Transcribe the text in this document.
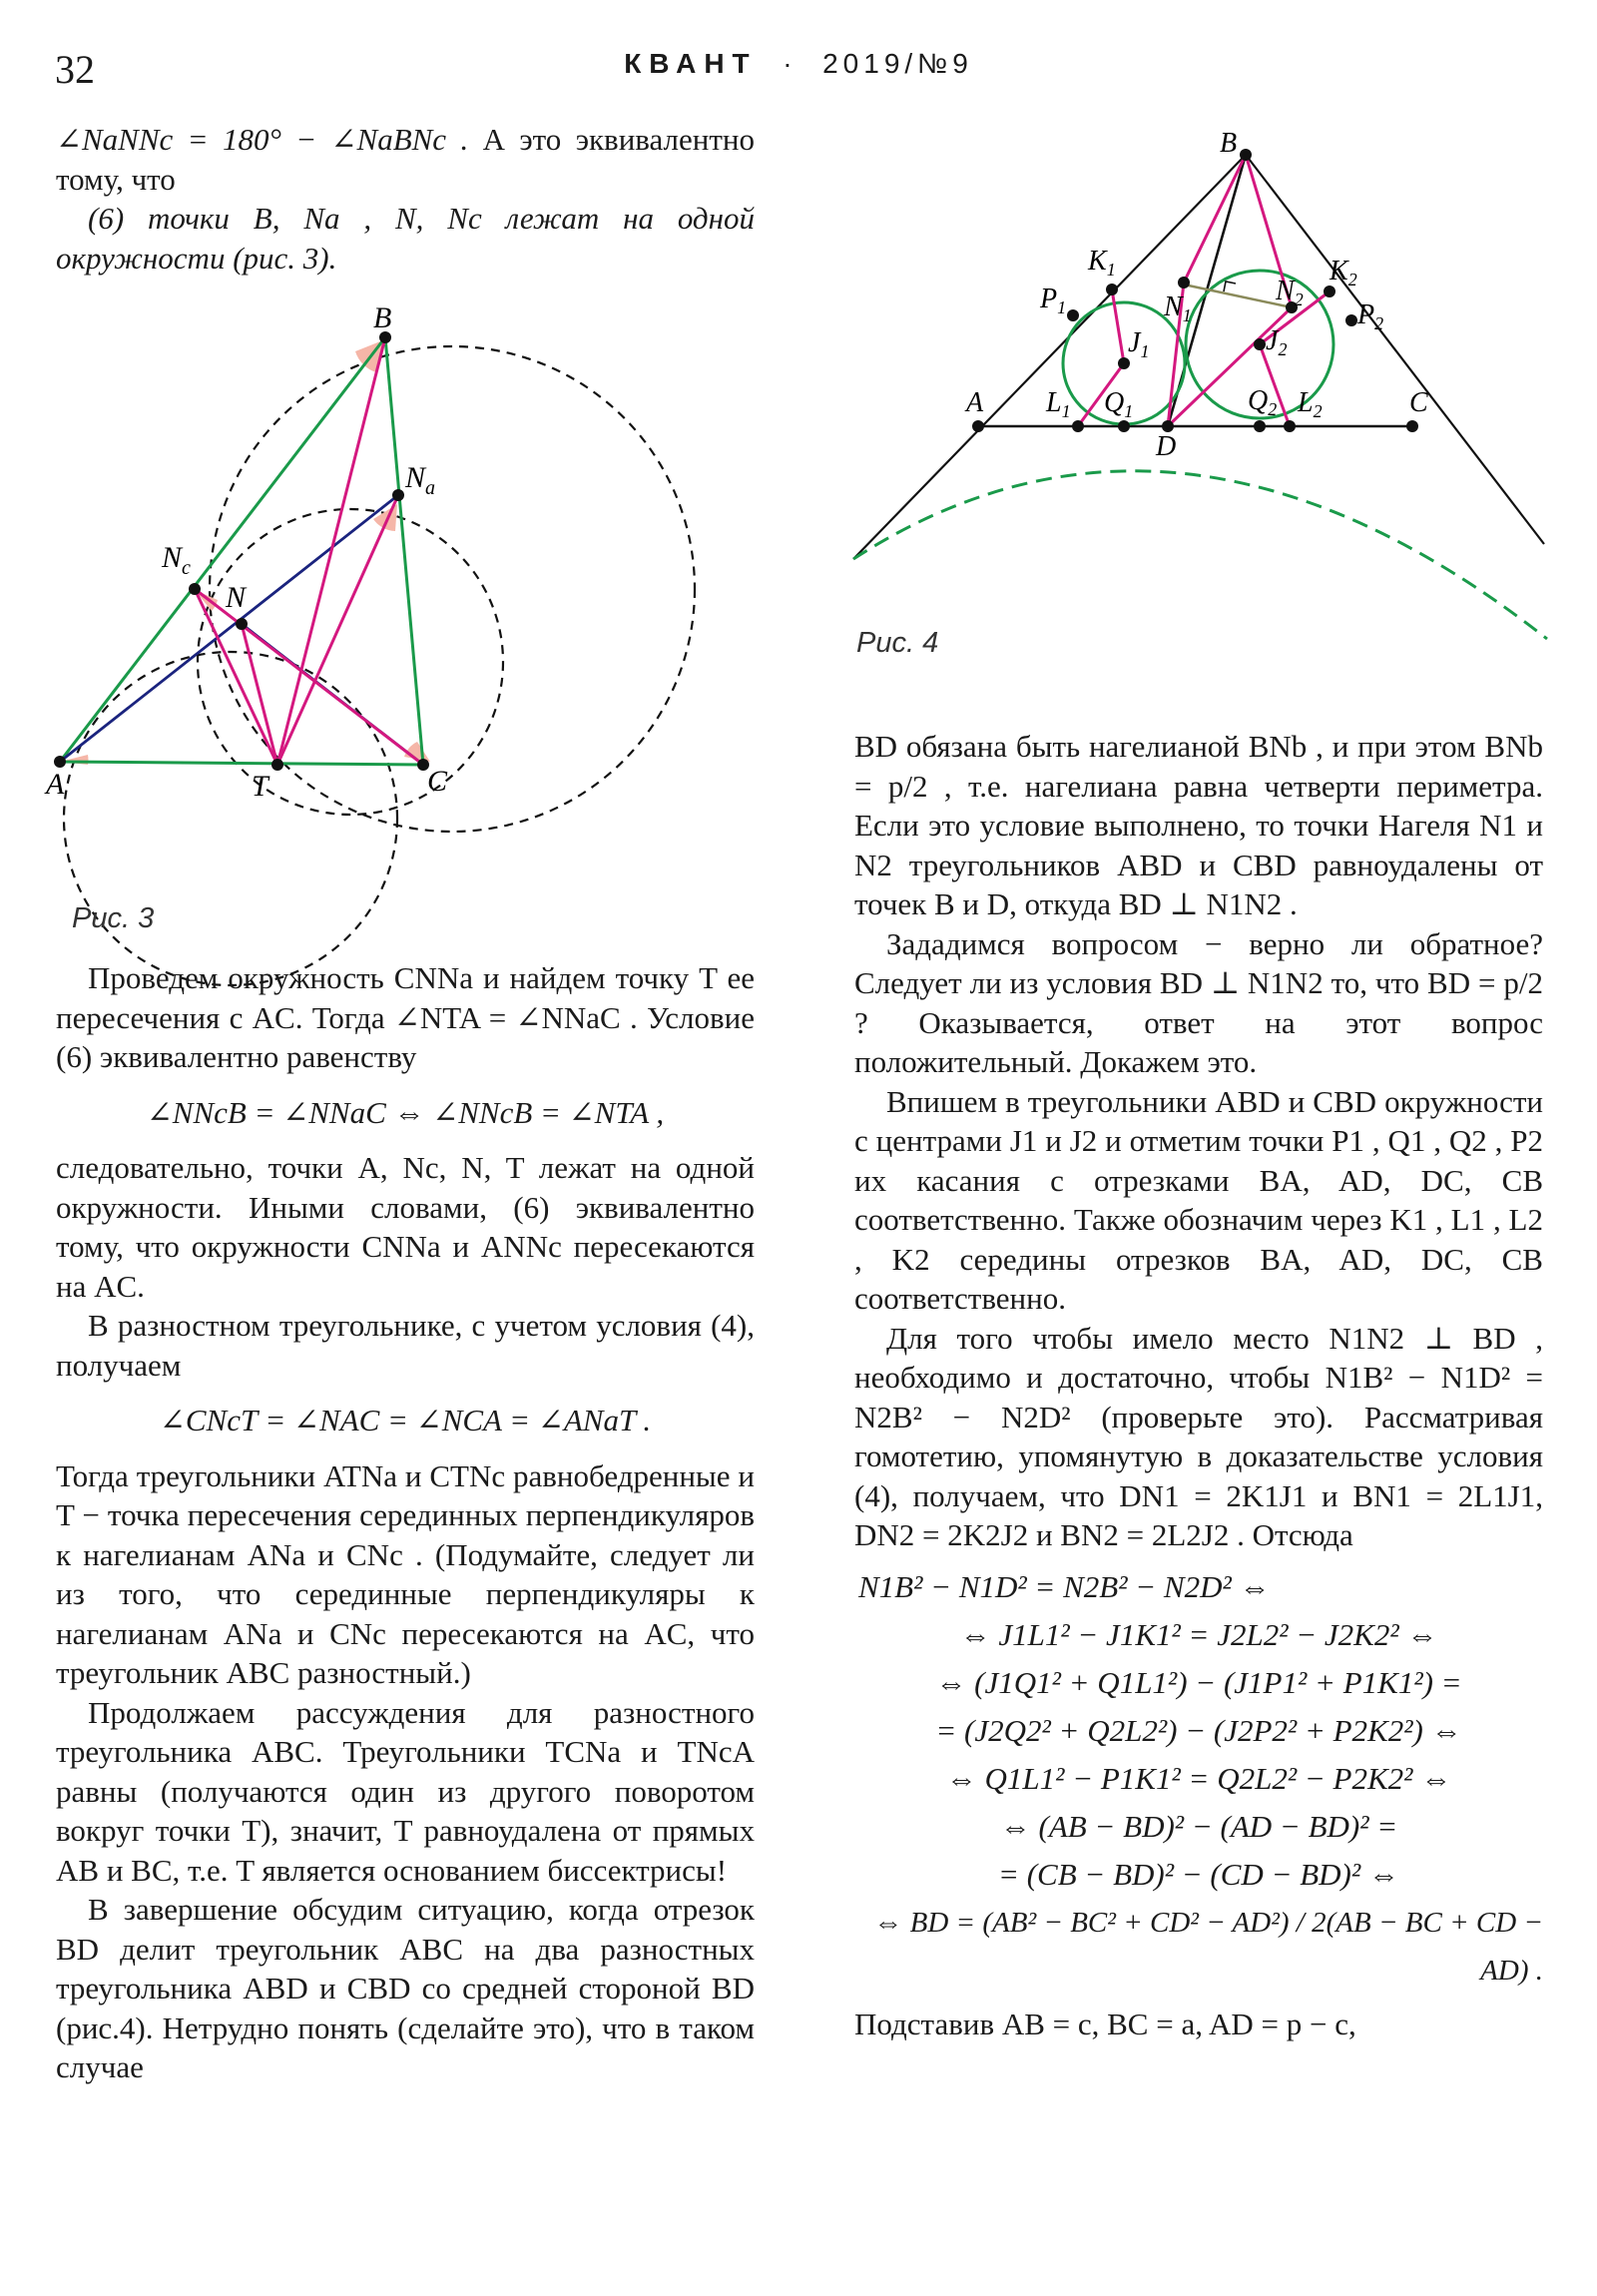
32	КВАНТ · 2019/№9

∠NaNNc = 180° − ∠NaBNc . А это эквивалентно тому, что

(6) точки B, Na , N, Nc лежат на одной окружности (рис. 3).

B
$N_a$
$N_c$
N
A	T	C
Рис. 3

Проведем окружность CNNa и найдем точку T ее пересечения с AC. Тогда ∠NTA = ∠NNaC . Условие (6) эквивалентно равенству

∠NNcB = ∠NNaC ⇔ ∠NNcB = ∠NTA ,

следовательно, точки A, Nc, N, T лежат на одной окружности. Иными словами, (6) эквивалентно тому, что окружности CNNa и ANNc пересекаются на AC.

В разностном треугольнике, с учетом условия (4), получаем

∠CNcT = ∠NAC = ∠NCA = ∠ANaT .

Тогда треугольники ATNa и CTNc равнобедренные и T − точка пересечения серединных перпендикуляров к нагелианам ANa и CNc . (Подумайте, следует ли из того, что серединные перпендикуляры к нагелианам ANa и CNc пересекаются на AC, что треугольник ABC разностный.)

Продолжаем рассуждения для разностного треугольника ABC. Треугольники TCNa и TNcA равны (получаются один из другого поворотом вокруг точки T), значит, T равноудалена от прямых AB и BC, т.е. T является основанием биссектрисы!

В завершение обсудим ситуацию, когда отрезок BD делит треугольник ABC на два разностных треугольника ABD и CBD со средней стороной BD (рис.4). Нетрудно понять (сделайте это), что в таком случае

B
$K_1$	$K_2$
$P_1$	$P_2$
$N_1$
$N_2$
$J_1$	$J_2$
A	C
$L_1$	$L_2$
$Q_1$	$Q_2$
D
Рис. 4

BD обязана быть нагелианой BNb , и при этом BNb = p/2 , т.е. нагелиана равна четверти периметра. Если это условие выполнено, то точки Нагеля N1 и N2 треугольников ABD и CBD равноудалены от точек B и D, откуда BD ⊥ N1N2 .

Зададимся вопросом − верно ли обратное? Следует ли из условия BD ⊥ N1N2 то, что BD = p/2 ? Оказывается, ответ на этот вопрос положительный. Докажем это.

Впишем в треугольники ABD и CBD окружности с центрами J1 и J2 и отметим точки P1 , Q1 , Q2 , P2 их касания с отрезками BA, AD, DC, CB соответственно. Также обозначим через K1 , L1 , L2 , K2 середины отрезков BA, AD, DC, CB соответственно.

Для того чтобы имело место N1N2 ⊥ BD , необходимо и достаточно, чтобы N1B² − N1D² = N2B² − N2D² (проверьте это). Рассматривая гомотетию, упомянутую в доказательстве условия (4), получаем, что DN1 = 2K1J1 и BN1 = 2L1J1, DN2 = 2K2J2 и BN2 = 2L2J2 . Отсюда

N1B² − N1D² = N2B² − N2D² ⇔

⇔ J1L1² − J1K1² = J2L2² − J2K2² ⇔

⇔ (J1Q1² + Q1L1²) − (J1P1² + P1K1²) =

= (J2Q2² + Q2L2²) − (J2P2² + P2K2²) ⇔

⇔ Q1L1² − P1K1² = Q2L2² − P2K2² ⇔

⇔ (AB − BD)² − (AD − BD)² =

= (CB − BD)² − (CD − BD)² ⇔

⇔ BD = (AB² − BC² + CD² − AD²) / 2(AB − BC + CD − AD) .

Подставив AB = c, BC = a, AD = p − c,
